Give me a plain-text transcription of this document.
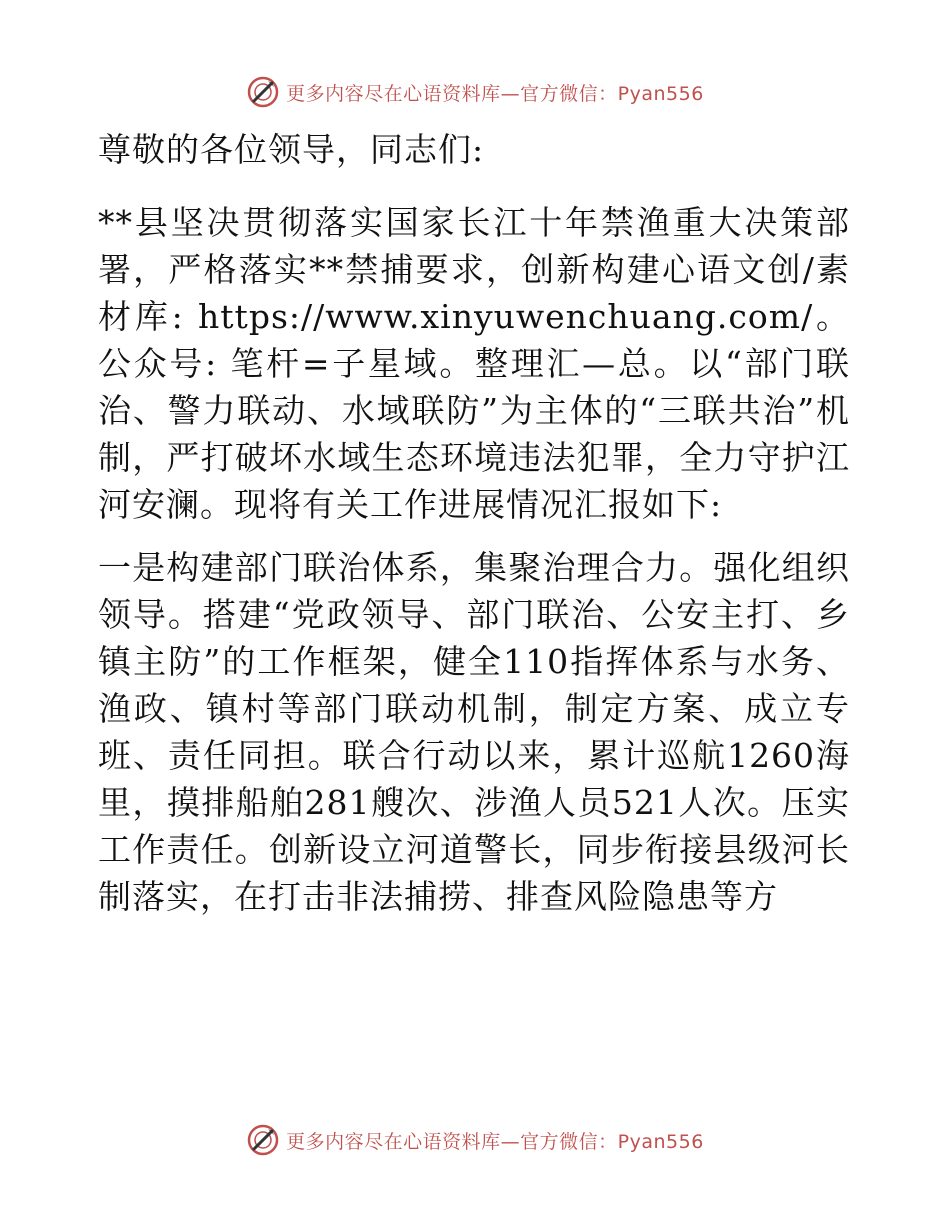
更多内容尽在心语资料库—官方微信：Pyan556

尊敬的各位领导，同志们:

**县坚决贯彻落实国家长江十年禁渔重大决策部署，严格落实**禁捕要求，创新构建心语文创/素材库: https://www.xinyuwenchuang.com/。公众号: 笔杆=子星域。整理汇—总。以“部门联治、警力联动、水域联防”为主体的“三联共治”机制，严打破坏水域生态环境违法犯罪，全力守护江河安澜。现将有关工作进展情况汇报如下:

一是构建部门联治体系，集聚治理合力。强化组织领导。搭建“党政领导、部门联治、公安主打、乡镇主防”的工作框架，健全110指挥体系与水务、渔政、镇村等部门联动机制，制定方案、成立专班、责任同担。联合行动以来，累计巡航1260海里，摸排船舶281艘次、涉渔人员521人次。压实工作责任。创新设立河道警长，同步衔接县级河长制落实，在打击非法捕捞、排查风险隐患等方

更多内容尽在心语资料库—官方微信：Pyan556
